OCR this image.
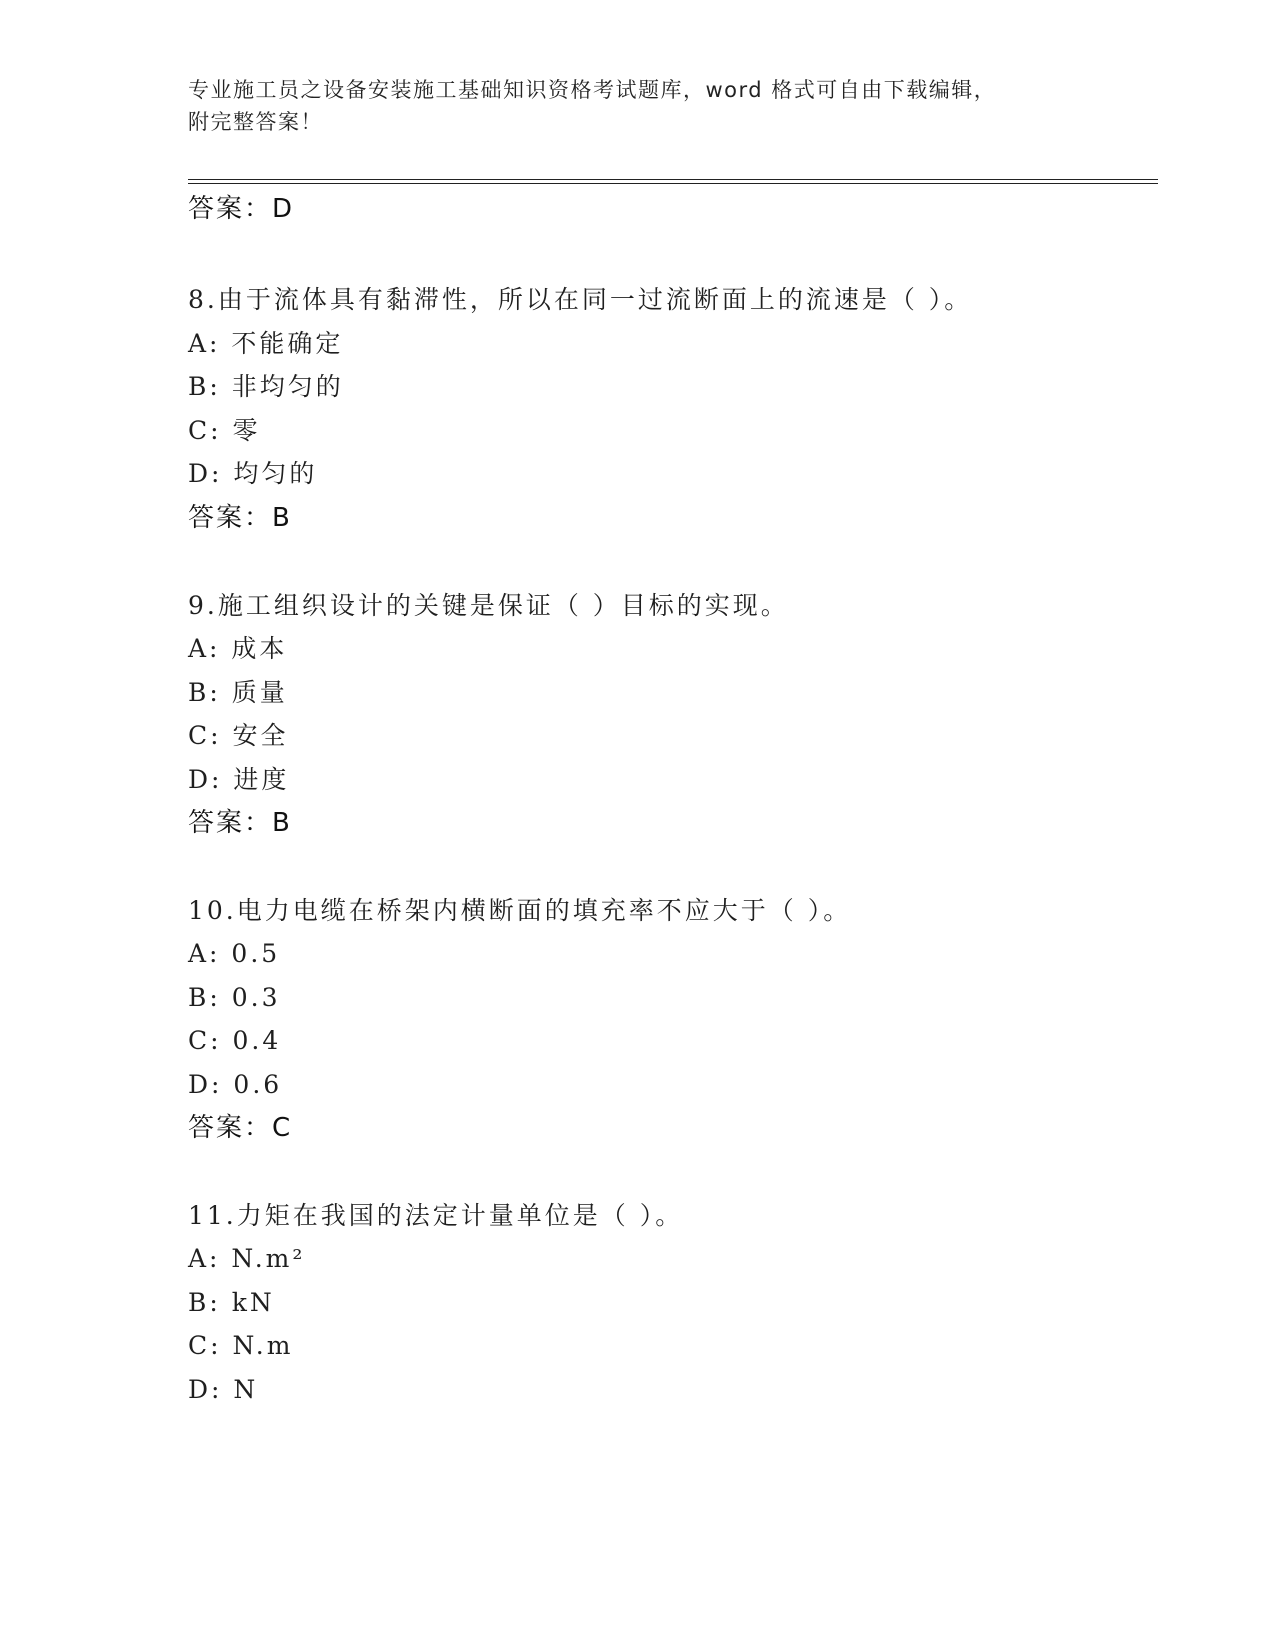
专业施工员之设备安装施工基础知识资格考试题库，word 格式可自由下载编辑，
附完整答案！
答案：D
8.由于流体具有黏滞性，所以在同一过流断面上的流速是（ ）。
A: 不能确定
B: 非均匀的
C: 零
D: 均匀的
答案：B
9.施工组织设计的关键是保证（ ）目标的实现。
A: 成本
B: 质量
C: 安全
D: 进度
答案：B
10.电力电缆在桥架内横断面的填充率不应大于（ ）。
A: 0.5
B: 0.3
C: 0.4
D: 0.6
答案：C
11.力矩在我国的法定计量单位是（ ）。
A: N.m²
B: kN
C: N.m
D: N
